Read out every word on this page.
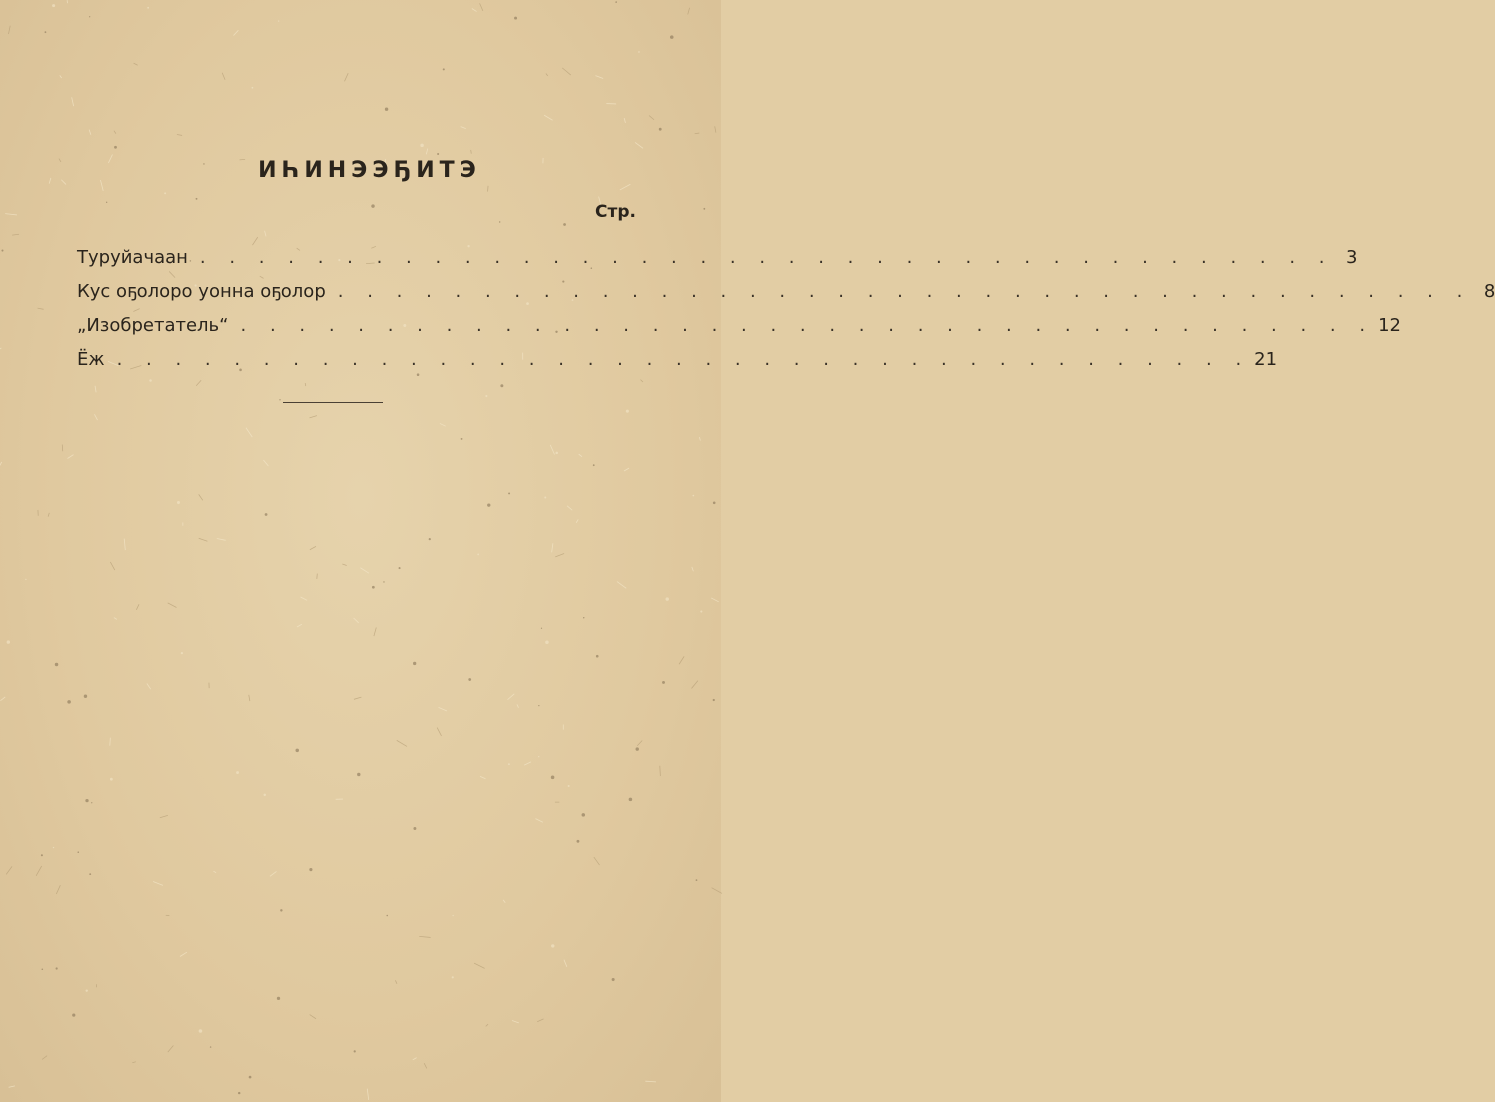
ИҺИНЭЭҔИТЭ
Стр.
Туруйачаан . . . . . . . . . . . . . . . . . . . . . . . . . . . . . . . . . . . . . . . 3
Кус оҕолоро уонна оҕолор . . . . . . . . . . . . . . . . . . . . . . . . . . . . . . . . . . . . . . . 8
„Изобретатель“ . . . . . . . . . . . . . . . . . . . . . . . . . . . . . . . . . . . . . . . 12
Ёж . . . . . . . . . . . . . . . . . . . . . . . . . . . . . . . . . . . . . . . 21
